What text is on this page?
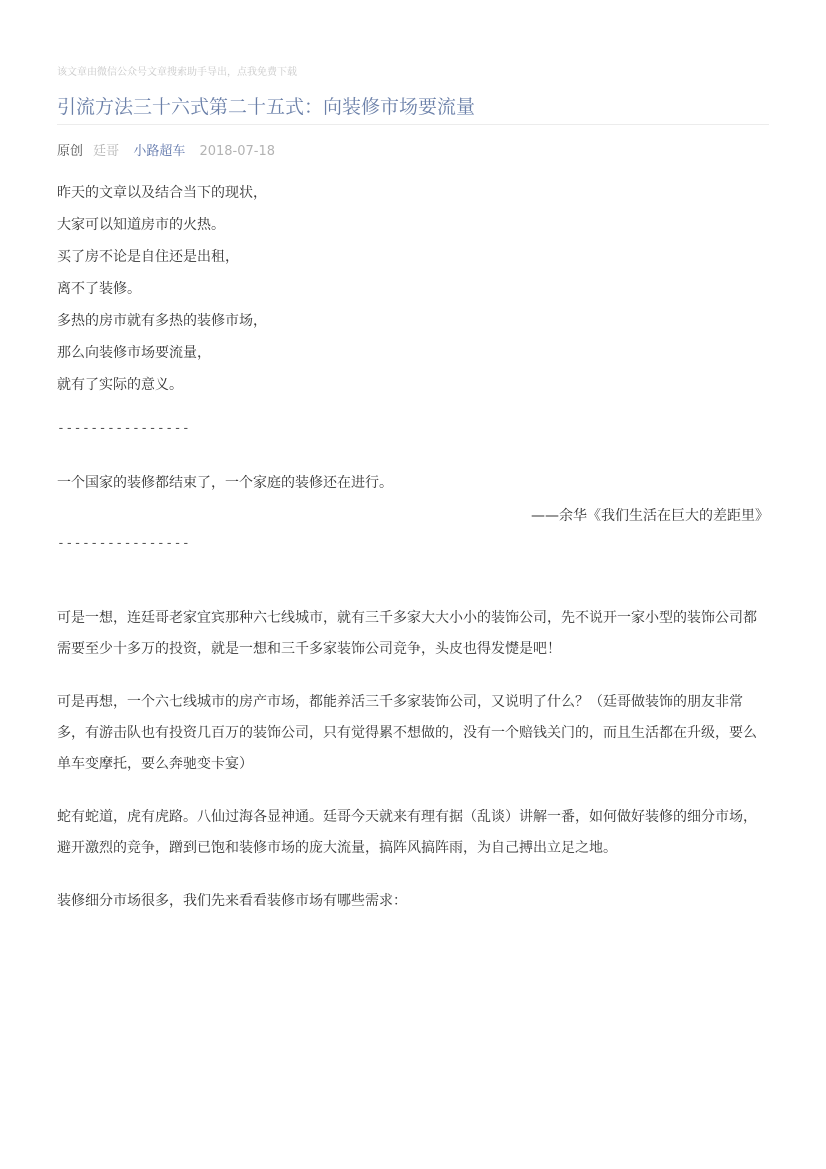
该文章由微信公众号文章搜索助手导出，点我免费下载
引流方法三十六式第二十五式：向装修市场要流量
原创 廷哥 小路超车 2018-07-18
昨天的文章以及结合当下的现状，
大家可以知道房市的火热。
买了房不论是自住还是出租，
离不了装修。
多热的房市就有多热的装修市场，
那么向装修市场要流量，
就有了实际的意义。
----------------
一个国家的装修都结束了，一个家庭的装修还在进行。
——余华《我们生活在巨大的差距里》
----------------

可是一想，连廷哥老家宜宾那种六七线城市，就有三千多家大大小小的装饰公司，先不说开一家小型的装饰公司都需要至少十多万的投资，就是一想和三千多家装饰公司竞争，头皮也得发憷是吧！

可是再想，一个六七线城市的房产市场，都能养活三千多家装饰公司，又说明了什么？（廷哥做装饰的朋友非常多，有游击队也有投资几百万的装饰公司，只有觉得累不想做的，没有一个赔钱关门的，而且生活都在升级，要么单车变摩托，要么奔驰变卡宴）

蛇有蛇道，虎有虎路。八仙过海各显神通。廷哥今天就来有理有据（乱谈）讲解一番，如何做好装修的细分市场，避开激烈的竞争，蹭到已饱和装修市场的庞大流量，搞阵风搞阵雨，为自己搏出立足之地。

装修细分市场很多，我们先来看看装修市场有哪些需求：
